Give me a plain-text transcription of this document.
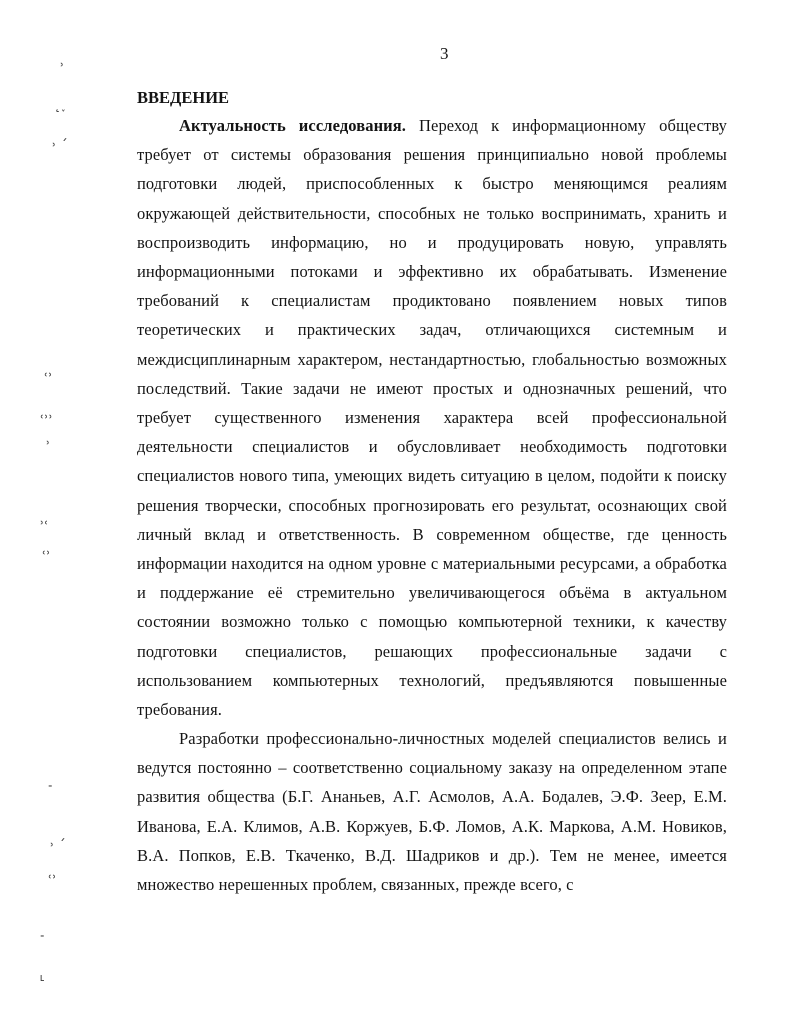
3
ВВЕДЕНИЕ

Актуальность исследования. Переход к информационному обществу требует от системы образования решения принципиально новой проблемы подготовки людей, приспособленных к быстро меняющимся реалиям окружающей действительности, способных не только воспринимать, хранить и воспроизводить информацию, но и продуцировать новую, управлять информационными потоками и эффективно их обрабатывать. Изменение требований к специалистам продиктовано появлением новых типов теоретических и практических задач, отличающихся системным и междисциплинарным характером, нестандартностью, глобальностью возможных последствий. Такие задачи не имеют простых и однозначных решений, что требует существенного изменения характера всей профессиональной деятельности специалистов и обусловливает необходимость подготовки специалистов нового типа, умеющих видеть ситуацию в целом, подойти к поиску решения творчески, способных прогнозировать его результат, осознающих свой личный вклад и ответственность. В современном обществе, где ценность информации находится на одном уровне с материальными ресурсами, а обработка и поддержание её стремительно увеличивающегося объёма в актуальном состоянии возможно только с помощью компьютерной техники, к качеству подготовки специалистов, решающих профессиональные задачи с использованием компьютерных технологий, предъявляются повышенные требования.

Разработки профессионально-личностных моделей специалистов велись и ведутся постоянно – соответственно социальному заказу на определенном этапе развития общества (Б.Г. Ананьев, А.Г. Асмолов, А.А. Бодалев, Э.Ф. Зеер, Е.М. Иванова, Е.А. Климов, А.В. Коржуев, Б.Ф. Ломов, А.К. Маркова, А.М. Новиков, В.А. Попков, Е.В. Ткаченко, В.Д. Шадриков и др.). Тем не менее, имеется множество нерешенных проблем, связанных, прежде всего, с

˒
˛˯
˒ ˊ
˓˒
˓˒˒
˒
˒˓
˓˒
˗
˒ ˊ
˓˒
˗
˪
